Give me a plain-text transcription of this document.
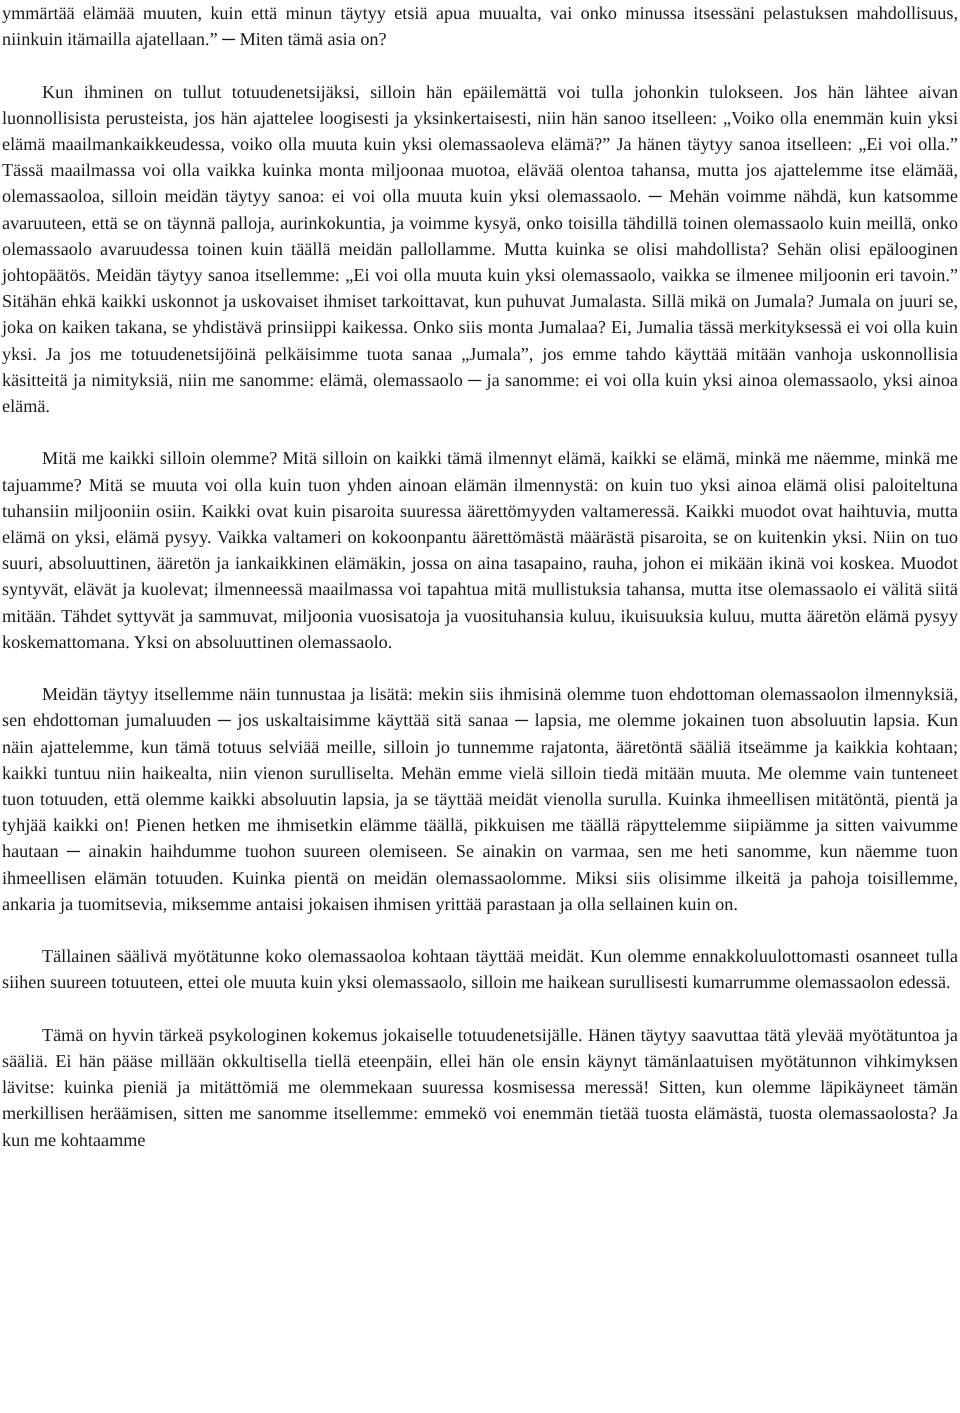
ymmärtää elämää muuten, kuin että minun täytyy etsiä apua muualta, vai onko minussa itsessäni pelastuksen mahdollisuus, niinkuin itämailla ajatellaan.” ─ Miten tämä asia on?

Kun ihminen on tullut totuudenetsijäksi, silloin hän epäilemättä voi tulla johonkin tulokseen. Jos hän lähtee aivan luonnollisista perusteista, jos hän ajattelee loogisesti ja yksinkertaisesti, niin hän sanoo itselleen: „Voiko olla enemmän kuin yksi elämä maailmankaikkeudessa, voiko olla muuta kuin yksi olemassaoleva elämä?” Ja hänen täytyy sanoa itselleen: „Ei voi olla.” Tässä maailmassa voi olla vaikka kuinka monta miljoonaa muotoa, elävää olentoa tahansa, mutta jos ajattelemme itse elämää, olemassaoloa, silloin meidän täytyy sanoa: ei voi olla muuta kuin yksi olemassaolo. ─ Mehän voimme nähdä, kun katsomme avaruuteen, että se on täynnä palloja, aurinkokuntia, ja voimme kysyä, onko toisilla tähdillä toinen olemassaolo kuin meillä, onko olemassaolo avaruudessa toinen kuin täällä meidän pallollamme. Mutta kuinka se olisi mahdollista? Sehän olisi epälooginen johtopäätös. Meidän täytyy sanoa itsellemme: „Ei voi olla muuta kuin yksi olemassaolo, vaikka se ilmenee miljoonin eri tavoin.” Sitähän ehkä kaikki uskonnot ja uskovaiset ihmiset tarkoittavat, kun puhuvat Jumalasta. Sillä mikä on Jumala? Jumala on juuri se, joka on kaiken takana, se yhdistävä prinsiippi kaikessa. Onko siis monta Jumalaa? Ei, Jumalia tässä merkityksessä ei voi olla kuin yksi. Ja jos me totuudenetsijöinä pelkäisimme tuota sanaa „Jumala”, jos emme tahdo käyttää mitään vanhoja uskonnollisia käsitteitä ja nimityksiä, niin me sanomme: elämä, olemassaolo ─ ja sanomme: ei voi olla kuin yksi ainoa olemassaolo, yksi ainoa elämä.

Mitä me kaikki silloin olemme? Mitä silloin on kaikki tämä ilmennyt elämä, kaikki se elämä, minkä me näemme, minkä me tajuamme? Mitä se muuta voi olla kuin tuon yhden ainoan elämän ilmennystä: on kuin tuo yksi ainoa elämä olisi paloiteltuna tuhansiin miljooniin osiin. Kaikki ovat kuin pisaroita suuressa äärettömyyden valtameressä. Kaikki muodot ovat haihtuvia, mutta elämä on yksi, elämä pysyy. Vaikka valtameri on kokoonpantu äärettömästä määrästä pisaroita, se on kuitenkin yksi. Niin on tuo suuri, absoluuttinen, ääretön ja iankaikkinen elämäkin, jossa on aina tasapaino, rauha, johon ei mikään ikinä voi koskea. Muodot syntyvät, elävät ja kuolevat; ilmenneessä maailmassa voi tapahtua mitä mullistuksia tahansa, mutta itse olemassaolo ei välitä siitä mitään. Tähdet syttyvät ja sammuvat, miljoonia vuosisatoja ja vuosituhansia kuluu, ikuisuuksia kuluu, mutta ääretön elämä pysyy koskemattomana. Yksi on absoluuttinen olemassaolo.

Meidän täytyy itsellemme näin tunnustaa ja lisätä: mekin siis ihmisinä olemme tuon ehdottoman olemassaolon ilmennyksiä, sen ehdottoman jumaluuden ─ jos uskaltaisimme käyttää sitä sanaa ─ lapsia, me olemme jokainen tuon absoluutin lapsia. Kun näin ajattelemme, kun tämä totuus selviää meille, silloin jo tunnemme rajatonta, ääretöntä sääliä itseämme ja kaikkia kohtaan; kaikki tuntuu niin haikealta, niin vienon surulliselta. Mehän emme vielä silloin tiedä mitään muuta. Me olemme vain tunteneet tuon totuuden, että olemme kaikki absoluutin lapsia, ja se täyttää meidät vienolla surulla. Kuinka ihmeellisen mitätöntä, pientä ja tyhjää kaikki on! Pienen hetken me ihmisetkin elämme täällä, pikkuisen me täällä räpyttelemme siipiämme ja sitten vaivumme hautaan ─ ainakin haihdumme tuohon suureen olemiseen. Se ainakin on varmaa, sen me heti sanomme, kun näemme tuon ihmeellisen elämän totuuden. Kuinka pientä on meidän olemassaolomme. Miksi siis olisimme ilkeitä ja pahoja toisillemme, ankaria ja tuomitsevia, miksemme antaisi jokaisen ihmisen yrittää parastaan ja olla sellainen kuin on.

Tällainen säälivä myötätunne koko olemassaoloa kohtaan täyttää meidät. Kun olemme ennakkoluulottomasti osanneet tulla siihen suureen totuuteen, ettei ole muuta kuin yksi olemassaolo, silloin me haikean surullisesti kumarrumme olemassaolon edessä.

Tämä on hyvin tärkeä psykologinen kokemus jokaiselle totuudenetsijälle. Hänen täytyy saavuttaa tätä ylevää myötätuntoa ja sääliä. Ei hän pääse millään okkultisella tiellä eteenpäin, ellei hän ole ensin käynyt tämänlaatuisen myötätunnon vihkimyksen lävitse: kuinka pieniä ja mitättömiä me olemmekaan suuressa kosmisessa meressä! Sitten, kun olemme läpikäyneet tämän merkillisen heräämisen, sitten me sanomme itsellemme: emmekö voi enemmän tietää tuosta elämästä, tuosta olemassaolosta? Ja kun me kohtaamme
